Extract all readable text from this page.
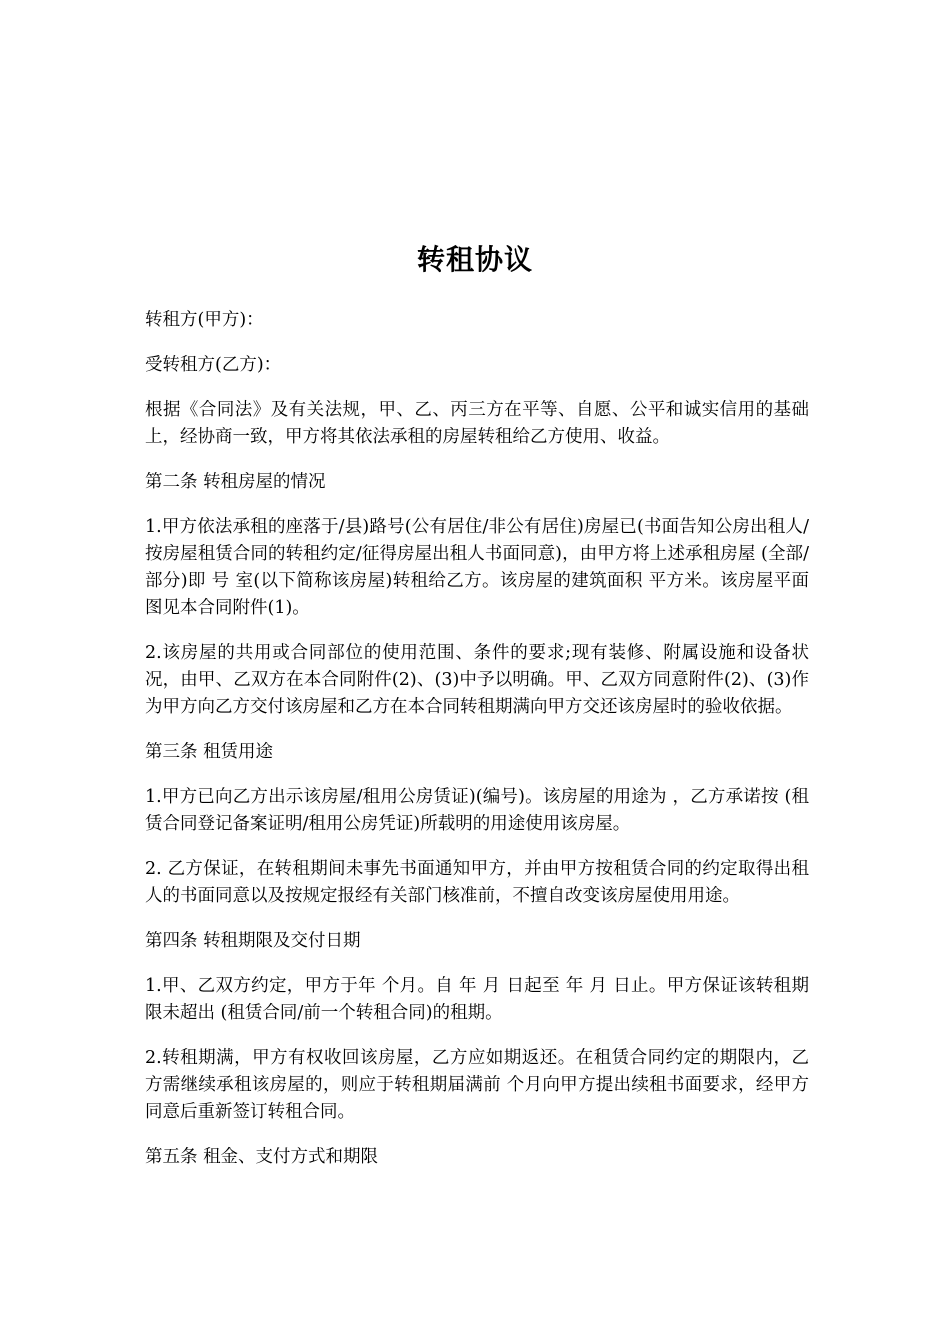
转租协议

转租方(甲方)：

受转租方(乙方)：

根据《合同法》及有关法规，甲、乙、丙三方在平等、自愿、公平和诚实信用的基础上，经协商一致，甲方将其依法承租的房屋转租给乙方使用、收益。

第二条 转租房屋的情况

1.甲方依法承租的座落于/县)路号(公有居住/非公有居住)房屋已(书面告知公房出租人/按房屋租赁合同的转租约定/征得房屋出租人书面同意)，由甲方将上述承租房屋 (全部/部分)即 号 室(以下简称该房屋)转租给乙方。该房屋的建筑面积 平方米。该房屋平面图见本合同附件(1)。

2.该房屋的共用或合同部位的使用范围、条件的要求;现有装修、附属设施和设备状况，由甲、乙双方在本合同附件(2)、(3)中予以明确。甲、乙双方同意附件(2)、(3)作为甲方向乙方交付该房屋和乙方在本合同转租期满向甲方交还该房屋时的验收依据。

第三条 租赁用途

1.甲方已向乙方出示该房屋/租用公房赁证)(编号)。该房屋的用途为 ，乙方承诺按 (租赁合同登记备案证明/租用公房凭证)所载明的用途使用该房屋。

2. 乙方保证，在转租期间未事先书面通知甲方，并由甲方按租赁合同的约定取得出租人的书面同意以及按规定报经有关部门核准前，不擅自改变该房屋使用用途。

第四条 转租期限及交付日期

1.甲、乙双方约定，甲方于年 个月。自 年 月 日起至 年 月 日止。甲方保证该转租期限未超出 (租赁合同/前一个转租合同)的租期。

2.转租期满，甲方有权收回该房屋，乙方应如期返还。在租赁合同约定的期限内，乙方需继续承租该房屋的，则应于转租期届满前 个月向甲方提出续租书面要求，经甲方同意后重新签订转租合同。

第五条 租金、支付方式和期限
